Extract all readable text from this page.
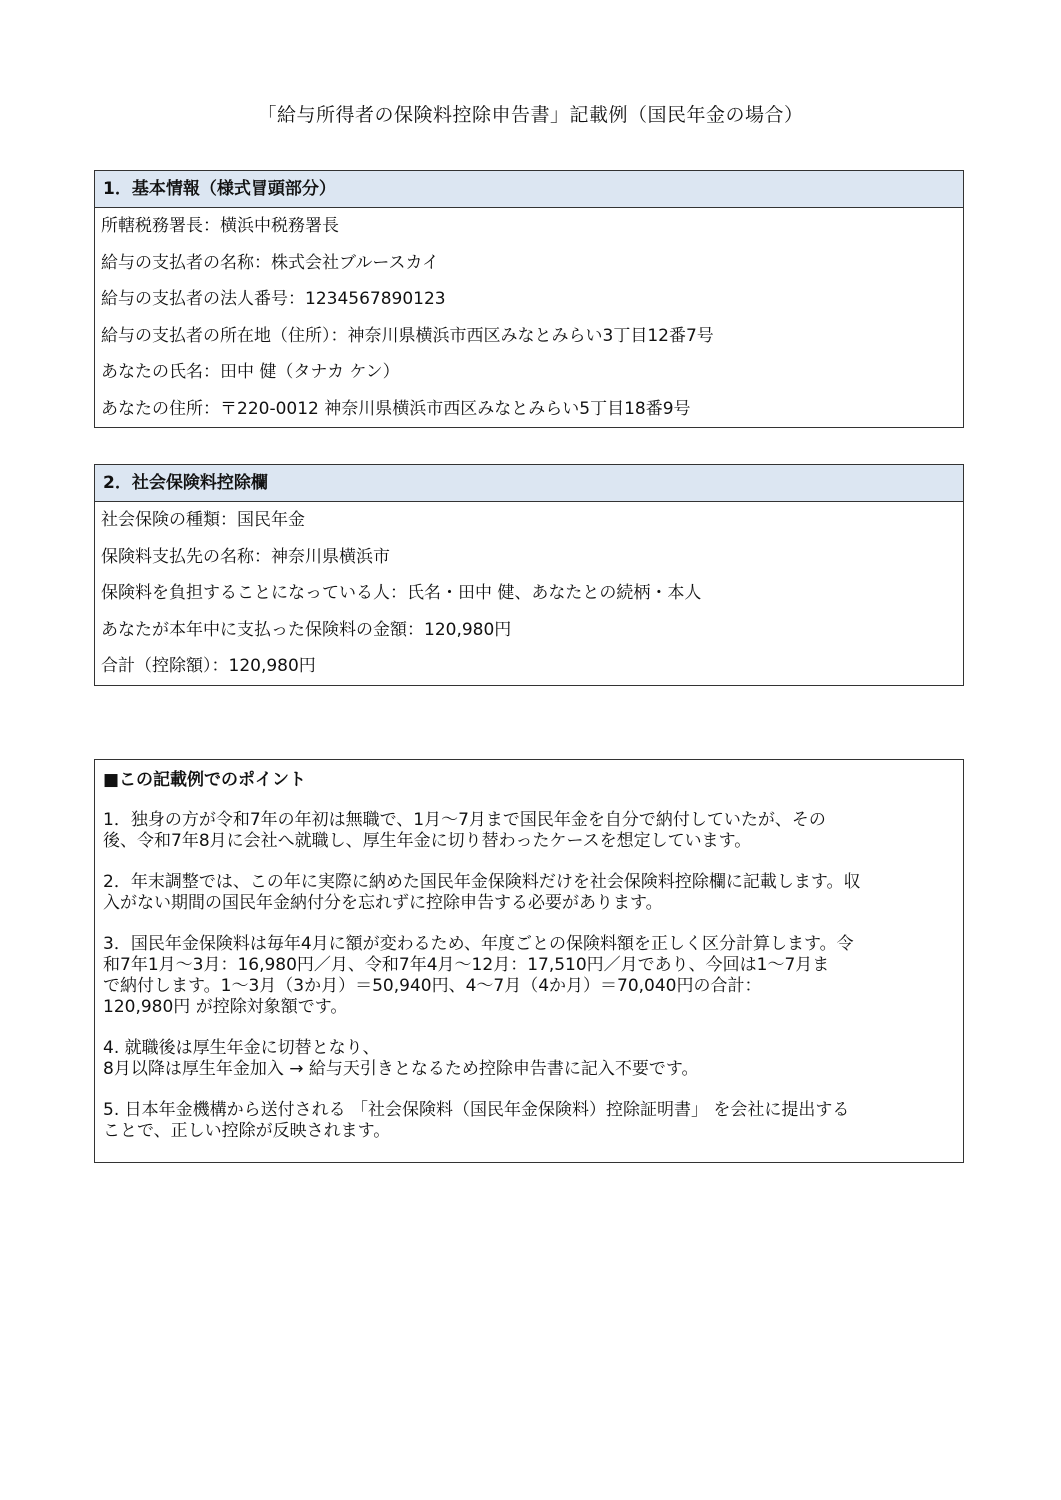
「給与所得者の保険料控除申告書」記載例（国民年金の場合）
1．基本情報（様式冒頭部分）
所轄税務署長：横浜中税務署長
給与の支払者の名称：株式会社ブルースカイ
給与の支払者の法人番号：1234567890123
給与の支払者の所在地（住所）：神奈川県横浜市西区みなとみらい3丁目12番7号
あなたの氏名：田中 健（タナカ ケン）
あなたの住所：〒220-0012 神奈川県横浜市西区みなとみらい5丁目18番9号
2．社会保険料控除欄
社会保険の種類：国民年金
保険料支払先の名称：神奈川県横浜市
保険料を負担することになっている人：氏名・田中 健、あなたとの続柄・本人
あなたが本年中に支払った保険料の金額：120,980円
合計（控除額）：120,980円
■この記載例でのポイント
1．独身の方が令和7年の年初は無職で、1月～7月まで国民年金を自分で納付していたが、その
後、令和7年8月に会社へ就職し、厚生年金に切り替わったケースを想定しています。
2．年末調整では、この年に実際に納めた国民年金保険料だけを社会保険料控除欄に記載します。収
入がない期間の国民年金納付分を忘れずに控除申告する必要があります。
3．国民年金保険料は毎年4月に額が変わるため、年度ごとの保険料額を正しく区分計算します。令
和7年1月～3月：16,980円／月、令和7年4月～12月：17,510円／月であり、今回は1～7月ま
で納付します。1～3月（3か月）＝50,940円、4～7月（4か月）＝70,040円の合計：
120,980円 が控除対象額です。
4. 就職後は厚生年金に切替となり、
8月以降は厚生年金加入 → 給与天引きとなるため控除申告書に記入不要です。
5. 日本年金機構から送付される 「社会保険料（国民年金保険料）控除証明書」 を会社に提出する
ことで、正しい控除が反映されます。
